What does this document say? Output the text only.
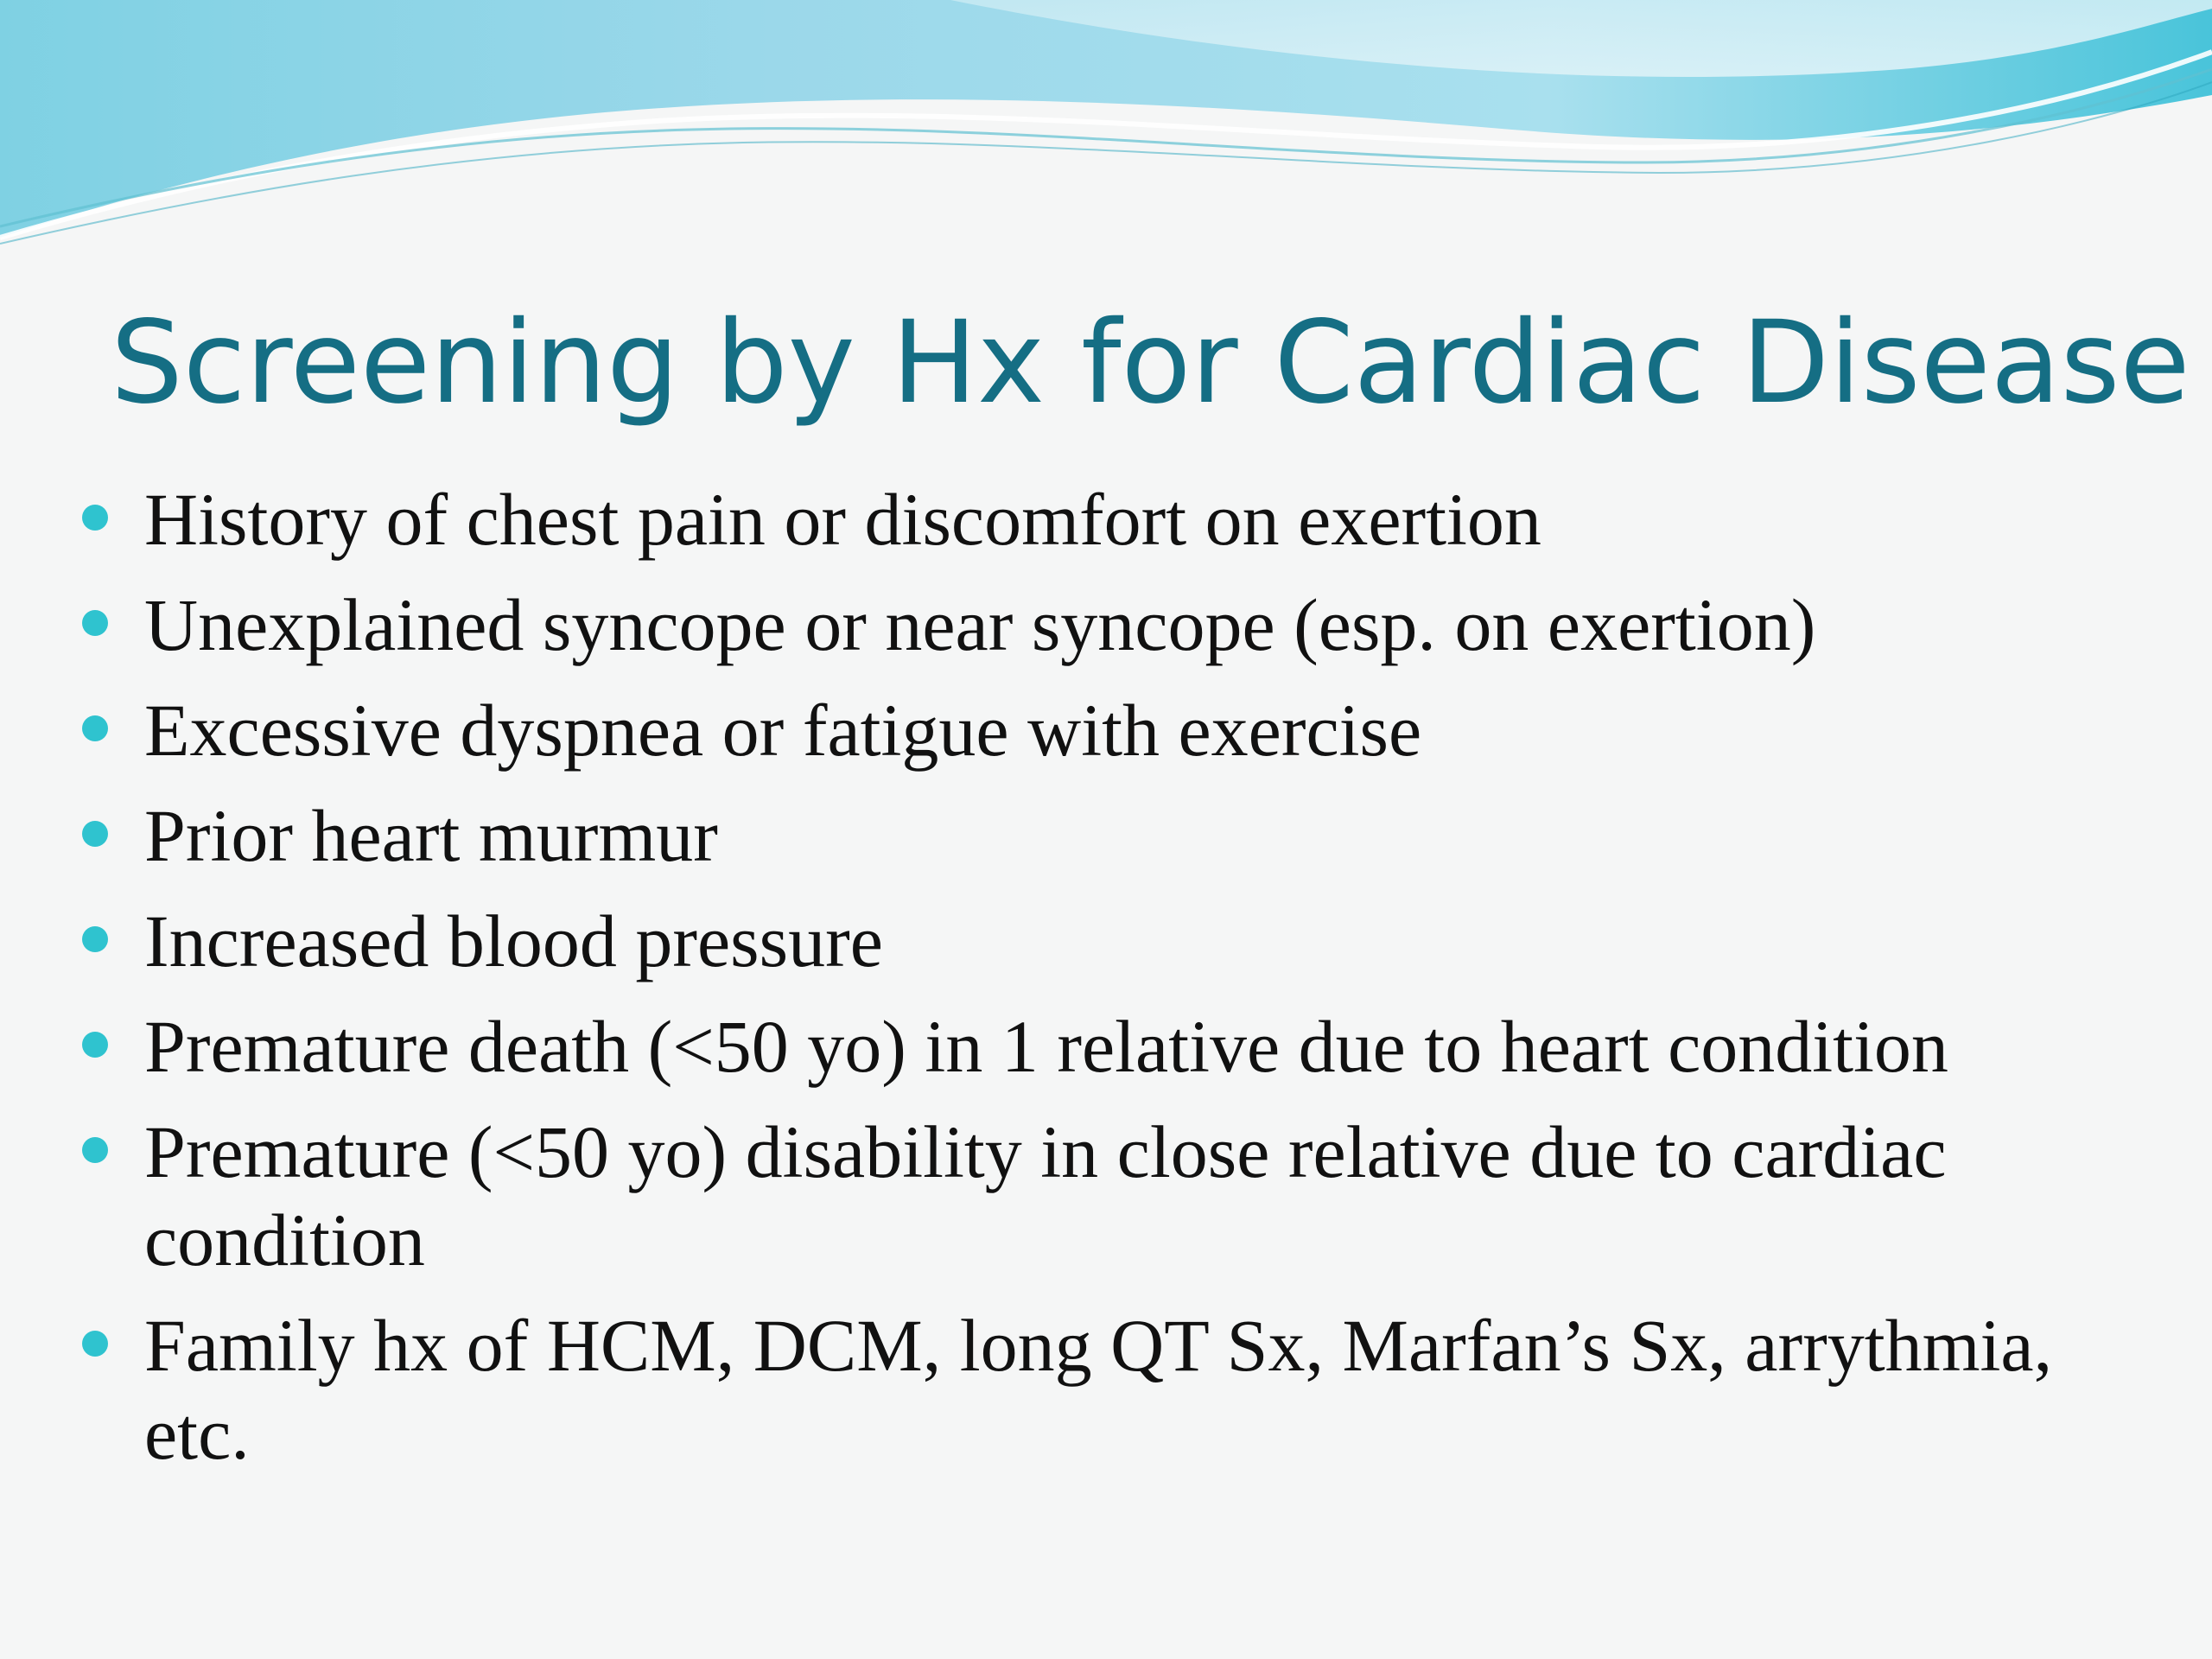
Screening by Hx for Cardiac Disease
History of chest pain or discomfort on exertion
Unexplained syncope or near syncope (esp. on exertion)
Excessive dyspnea or fatigue with exercise
Prior heart murmur
Increased blood pressure
Premature death (<50 yo) in 1 relative due to heart condition
Premature (<50 yo) disability in close relative due to cardiac condition
Family hx of HCM, DCM, long QT Sx, Marfan’s Sx, arrythmia, etc.
